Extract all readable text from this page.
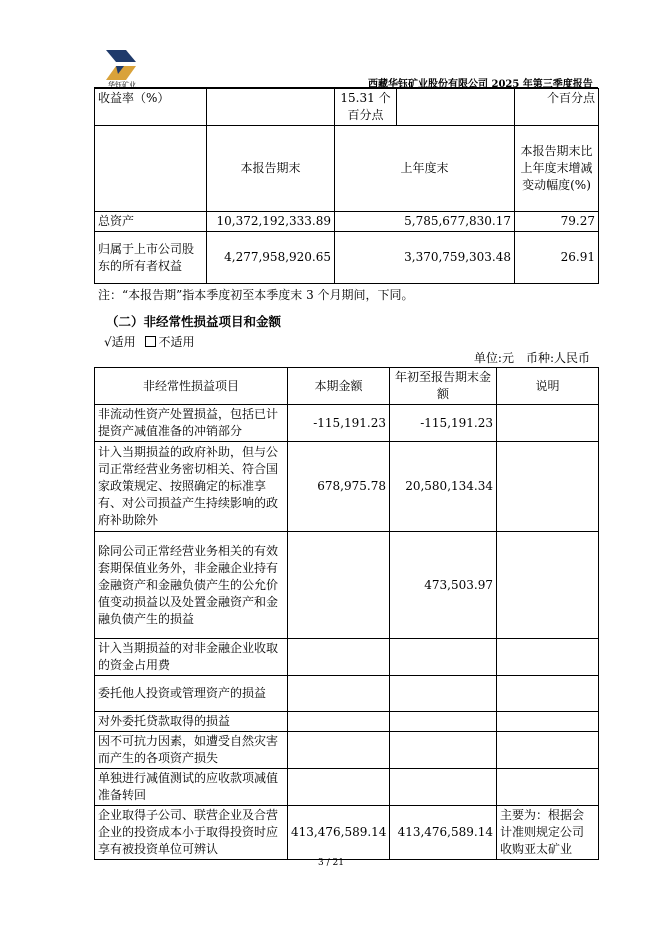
华钰矿业	西藏华钰矿业股份有限公司 2025 年第三季度报告
收益率（%）		15.31 个百分点		个百分点
	本报告期末	上年度末		本报告期末比上年度末增减变动幅度(%)
总资产	10,372,192,333.89	5,785,677,830.17		79.27
归属于上市公司股东的所有者权益	4,277,958,920.65	3,370,759,303.48		26.91
注：“本报告期”指本季度初至本季度末 3 个月期间，下同。
（二）非经常性损益项目和金额
√适用 不适用
单位:元　币种:人民币
非经常性损益项目	本期金额	年初至报告期末金额	说明
非流动性资产处置损益，包括已计提资产减值准备的冲销部分	-115,191.23	-115,191.23	
计入当期损益的政府补助，但与公司正常经营业务密切相关、符合国家政策规定、按照确定的标准享有、对公司损益产生持续影响的政府补助除外	678,975.78	20,580,134.34	
除同公司正常经营业务相关的有效套期保值业务外，非金融企业持有金融资产和金融负债产生的公允价值变动损益以及处置金融资产和金融负债产生的损益		473,503.97	
计入当期损益的对非金融企业收取的资金占用费			
委托他人投资或管理资产的损益			
对外委托贷款取得的损益			
因不可抗力因素，如遭受自然灾害而产生的各项资产损失			
单独进行减值测试的应收款项减值准备转回			
企业取得子公司、联营企业及合营企业的投资成本小于取得投资时应享有被投资单位可辨认	413,476,589.14	413,476,589.14	主要为：根据会计准则规定公司收购亚太矿业
3 / 21
